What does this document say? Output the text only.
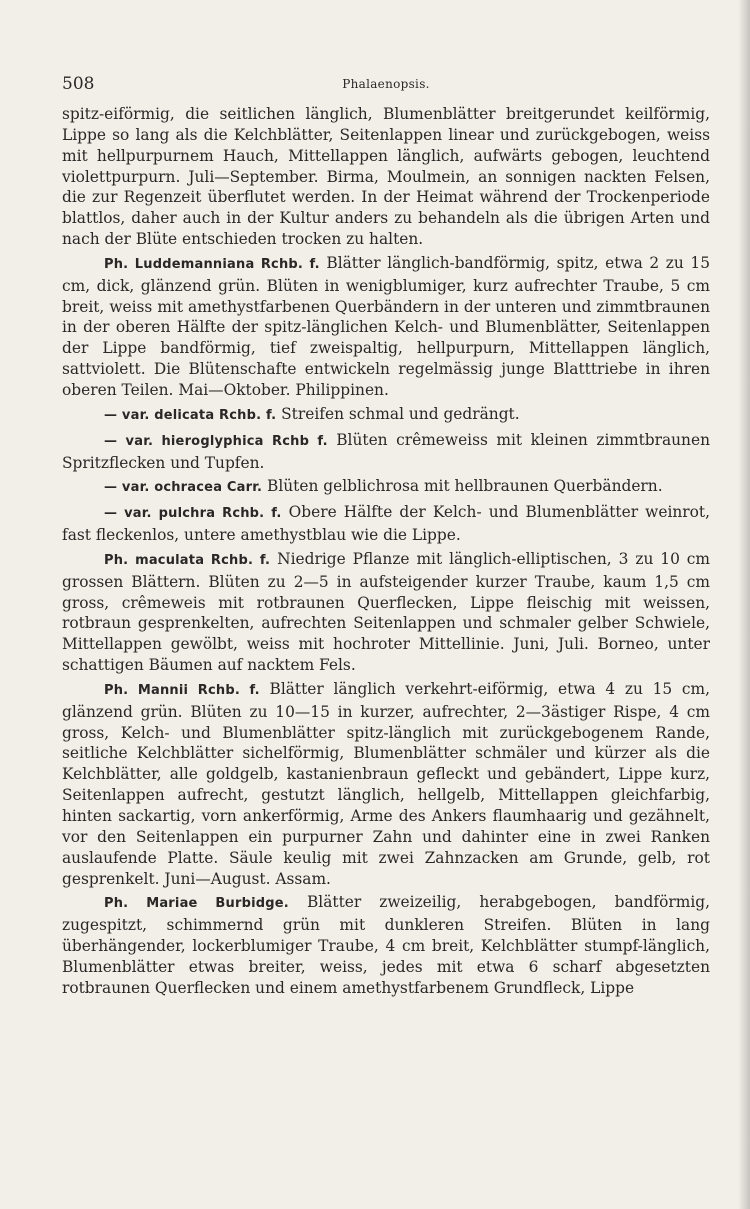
508	Phalaenopsis.

spitz-eiförmig, die seitlichen länglich, Blumenblätter breitgerundet keilförmig, Lippe so lang als die Kelchblätter, Seitenlappen linear und zurückgebogen, weiss mit hellpurpurnem Hauch, Mittellappen länglich, aufwärts gebogen, leuchtend violettpurpurn. Juli—September. Birma, Moulmein, an sonnigen nackten Felsen, die zur Regenzeit überflutet werden. In der Heimat während der Trockenperiode blattlos, daher auch in der Kultur anders zu behandeln als die übrigen Arten und nach der Blüte entschieden trocken zu halten.

Ph. Luddemanniana Rchb. f. Blätter länglich-bandförmig, spitz, etwa 2 zu 15 cm, dick, glänzend grün. Blüten in wenigblumiger, kurz aufrechter Traube, 5 cm breit, weiss mit amethystfarbenen Querbändern in der unteren und zimmtbraunen in der oberen Hälfte der spitz-länglichen Kelch- und Blumenblätter, Seitenlappen der Lippe bandförmig, tief zweispaltig, hellpurpurn, Mittellappen länglich, sattviolett. Die Blütenschafte entwickeln regelmässig junge Blatttriebe in ihren oberen Teilen. Mai—Oktober. Philippinen.

— var. delicata Rchb. f. Streifen schmal und gedrängt.

— var. hieroglyphica Rchb f. Blüten crêmeweiss mit kleinen zimmtbraunen Spritzflecken und Tupfen.

— var. ochracea Carr. Blüten gelblichrosa mit hellbraunen Querbändern.

— var. pulchra Rchb. f. Obere Hälfte der Kelch- und Blumenblätter weinrot, fast fleckenlos, untere amethystblau wie die Lippe.

Ph. maculata Rchb. f. Niedrige Pflanze mit länglich-elliptischen, 3 zu 10 cm grossen Blättern. Blüten zu 2—5 in aufsteigender kurzer Traube, kaum 1,5 cm gross, crêmeweis mit rotbraunen Querflecken, Lippe fleischig mit weissen, rotbraun gesprenkelten, aufrechten Seitenlappen und schmaler gelber Schwiele, Mittellappen gewölbt, weiss mit hochroter Mittellinie. Juni, Juli. Borneo, unter schattigen Bäumen auf nacktem Fels.

Ph. Mannii Rchb. f. Blätter länglich verkehrt-eiförmig, etwa 4 zu 15 cm, glänzend grün. Blüten zu 10—15 in kurzer, aufrechter, 2—3ästiger Rispe, 4 cm gross, Kelch- und Blumenblätter spitz-länglich mit zurückgebogenem Rande, seitliche Kelchblätter sichelförmig, Blumenblätter schmäler und kürzer als die Kelchblätter, alle goldgelb, kastanienbraun gefleckt und gebändert, Lippe kurz, Seitenlappen aufrecht, gestutzt länglich, hellgelb, Mittellappen gleichfarbig, hinten sackartig, vorn ankerförmig, Arme des Ankers flaumhaarig und gezähnelt, vor den Seitenlappen ein purpurner Zahn und dahinter eine in zwei Ranken auslaufende Platte. Säule keulig mit zwei Zahnzacken am Grunde, gelb, rot gesprenkelt. Juni—August. Assam.

Ph. Mariae Burbidge. Blätter zweizeilig, herabgebogen, bandförmig, zugespitzt, schimmernd grün mit dunkleren Streifen. Blüten in lang überhängender, lockerblumiger Traube, 4 cm breit, Kelchblätter stumpf-länglich, Blumenblätter etwas breiter, weiss, jedes mit etwa 6 scharf abgesetzten rotbraunen Querflecken und einem amethystfarbenem Grundfleck, Lippe
